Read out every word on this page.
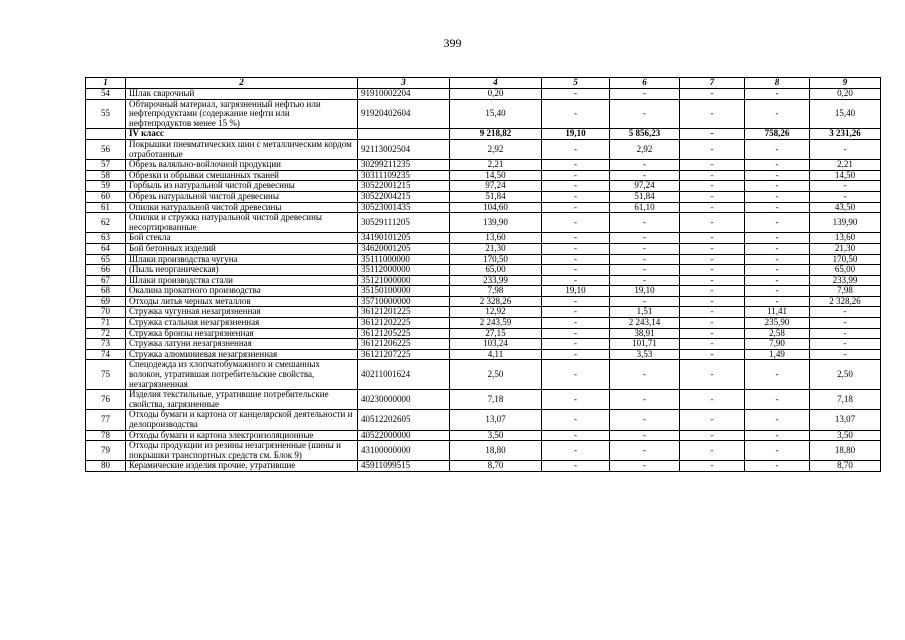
399
1	2	3	4	5	6	7	8	9
54	Шлак сварочный	91910002204	0,20	-	-	-	-	0,20
55	Обтирочный материал, загрязненный нефтью или нефтепродуктами (содержание нефти или нефтепродуктов менее 15 %)	91920402604	15,40	-	-	-	-	15,40
	IV класс		9 218,82	19,10	5 856,23	-	758,26	3 231,26
56	Покрышки пневматических шин с металлическим кордом отработанные	92113002504	2,92	-	2,92	-	-	-
57	Обрезь валяльно-войлочной продукции	30299211235	2,21	-	-	-	-	2,21
58	Обрезки и обрывки смешанных тканей	30311109235	14,50	-	-	-	-	14,50
59	Горбыль из натуральной чистой древесины	30522001215	97,24	-	97,24	-	-	-
60	Обрезь натуральной чистой древесины	30522004215	51,84	-	51,84	-	-	-
61	Опилки натуральной чистой древесины	30523001435	104,60	-	61,10	-	-	43,50
62	Опилки и стружка натуральной чистой древесины несортированные	30529111205	139,90	-	-	-	-	139,90
63	Бой стекла	34190101205	13,60	-	-	-	-	13,60
64	Бой бетонных изделий	34620001205	21,30	-	-	-	-	21,30
65	Шлаки производства чугуна	35111000000	170,50	-	-	-	-	170,50
66	(Пыль неорганическая)	35112000000	65,00	-	-	-	-	65,00
67	Шлаки производства стали	35121000000	233,99	-	-	-	-	233,99
68	Окалина прокатного производства	35150100000	7,98	19,10	19,10	-	-	7,98
69	Отходы литья черных металлов	35710000000	2 328,26	-	-	-	-	2 328,26
70	Стружка чугунная незагрязненная	36121201225	12,92	-	1,51	-	11,41	-
71	Стружка стальная незагрязненная	36121202225	2 243,59	-	2 243,14	-	235,90	-
72	Стружка бронзы незагрязненная	36121205225	27,15	-	38,91	-	2,58	-
73	Стружка латуни незагрязненная	36121206225	103,24	-	101,71	-	7,90	-
74	Стружка алюминиевая незагрязненная	36121207225	4,11	-	3,53	-	1,49	-
75	Спецодежда из хлопчатобумажного и смешанных волокон, утратившая потребительские свойства, незагрязненная	40211001624	2,50	-	-	-	-	2,50
76	Изделия текстильные, утратившие потребительские свойства, загрязненные	40230000000	7,18	-	-	-	-	7,18
77	Отходы бумаги и картона от канцелярской деятельности и делопроизводства	40512202605	13,07	-	-	-	-	13,07
78	Отходы бумаги и картона электроизоляционные	40522000000	3,50	-	-	-	-	3,50
79	Отходы продукции из резины незагрязненные (шины и покрышки транспортных средств см. Блок 9)	43100000000	18,80	-	-	-	-	18,80
80	Керамические изделия прочие, утратившие	45911099515	8,70	-	-	-	-	8,70
